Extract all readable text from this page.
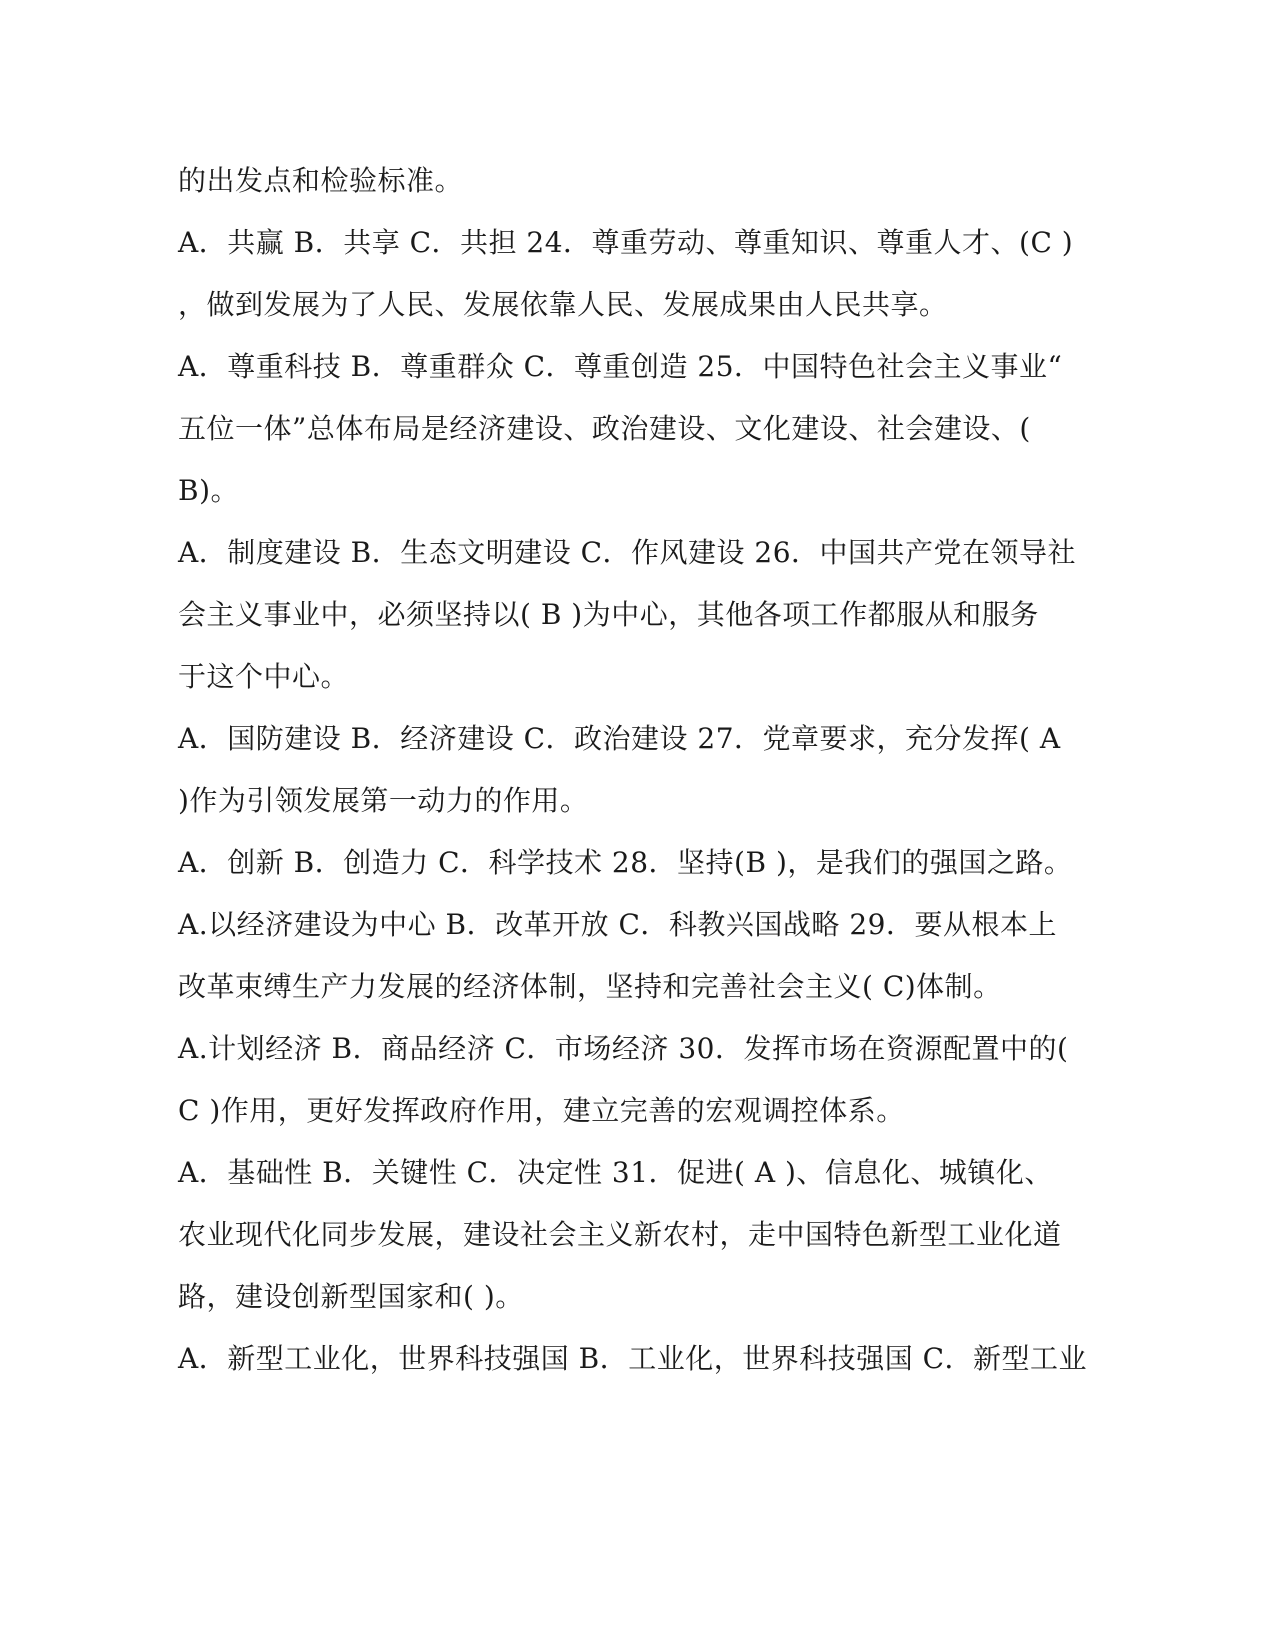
的出发点和检验标准。
A．共赢 B．共享 C．共担 24．尊重劳动、尊重知识、尊重人才、(C )
，做到发展为了人民、发展依靠人民、发展成果由人民共享。
A．尊重科技 B．尊重群众 C．尊重创造 25．中国特色社会主义事业“
五位一体”总体布局是经济建设、政治建设、文化建设、社会建设、(
B)。
A．制度建设 B．生态文明建设 C．作风建设 26．中国共产党在领导社
会主义事业中，必须坚持以( B )为中心，其他各项工作都服从和服务
于这个中心。
A．国防建设 B．经济建设 C．政治建设 27．党章要求，充分发挥( A
)作为引领发展第一动力的作用。
A．创新 B．创造力 C．科学技术 28．坚持(B )，是我们的强国之路。
A.以经济建设为中心 B．改革开放 C．科教兴国战略 29．要从根本上
改革束缚生产力发展的经济体制，坚持和完善社会主义( C)体制。
A.计划经济 B．商品经济 C．市场经济 30．发挥市场在资源配置中的(
C )作用，更好发挥政府作用，建立完善的宏观调控体系。
A．基础性 B．关键性 C．决定性 31．促进( A )、信息化、城镇化、
农业现代化同步发展，建设社会主义新农村，走中国特色新型工业化道
路，建设创新型国家和( )。
A．新型工业化，世界科技强国 B．工业化，世界科技强国 C．新型工业
